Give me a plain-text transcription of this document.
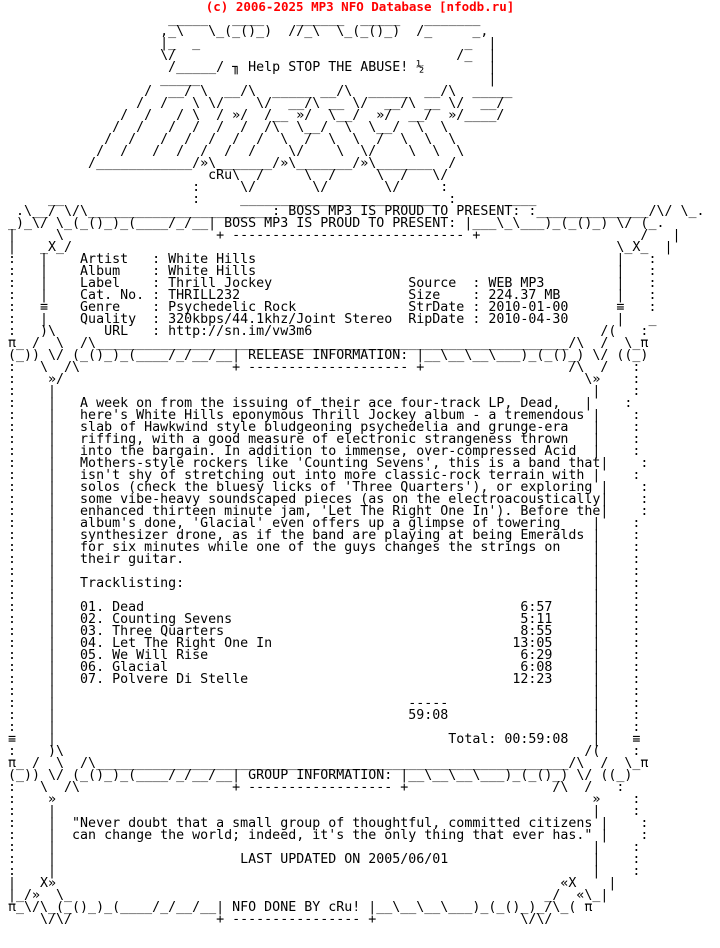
(c) 2006-2025 MP3 NFO Database [nfodb.ru]
_____   ____    ______  _____   _______
,_\   \_(_()_)  //_\  \_(_()_)  /_     _,
|_  _                                 _  |
\/                                   /_  |
/_____/ ╖ Help STOP THE ABUSE! ½        |
_____                                    |
/  __/ \  __/\  _____ __/\  _____  __/\  _____
/  /   \ \/    \/  __/\ __ \/  __/\ __ \/  __/
/  /   / \  / »/  /__ »/  \__/  »/  __/  »/____/
/  /   /  /  /  /  /\  \__/  \  \__/  \  \
/  /   /  /  /  /  /  \  /  \  \  /  \  \  \
/  /   /  /  /  /  /    \/    \  \/    \  \  \
/____________/»\_______/»\_______/»\_______  /
cRu\  /     \  /     \  /   \/
:     \/       \/       \/     :
__                :     _________________________ :      ____
.\__/ \/\_______________________: BOSS MP3 IS PROUD TO PRESENT: :______________/\/ \_.
_)_\/ \_(_()_)_(____/_/__| BOSS MP3 IS PROUD TO PRESENT: |___\_\___)_(_()_) \/ (_.
|     \                   + ----------------------------- +                    /   |
|   _X_/                                                                    \_X_  |
:   |    Artist   : White Hills                                             |   :
:   |    Album    : White Hills                                             |   :
:   |    Label    : Thrill Jockey                 Source  : WEB MP3         |   :
:   |    Cat. No. : THRILL232                     Size    : 224.37 MB       |   :
:   ≡    Genre    : Psychedelic Rock              StrDate : 2010-01-00      ≡   :
:   |    Quality  : 320kbps/44.1khz/Joint Stereo  RipDate : 2010-04-30      |   _
:   )\      URL   : http://sn.im/vw3m6                                    /(   :
π_ /  \  /\___________________________________________________________/\  /  \_π
(_)) \/ (_()_)_(____/_/__/__| RELEASE INFORMATION: |__\__\__\___)_(_()_) \/ ((_)
:   \  /\                   + -------------------- +                  /\  /   :
:    »/                                                                 \»    :
:    |                                                                   |    :
:    |   A week on from the issuing of their ace four-track LP, Dead,   |    :
:    |   here's White Hills eponymous Thrill Jockey album - a tremendous |    :
:    |   slab of Hawkwind style bludgeoning psychedelia and grunge-era   |    :
:    |   riffing, with a good measure of electronic strangeness thrown   |    :
:    |   into the bargain. In addition to immense, over-compressed Acid  |    :
:    |   Mothers-style rockers like 'Counting Sevens', this is a band that|    :
:    |   isn't shy of stretching out into more classic-rock terrain with |    :
:    |   solos (check the bluesy licks of 'Three Quarters'), or exploring |    :
:    |   some vibe-heavy soundscaped pieces (as on the electroacoustically|    :
:    |   enhanced thirteen minute jam, 'Let The Right One In'). Before the|    :
:    |   album's done, 'Glacial' even offers up a glimpse of towering    |    :
:    |   synthesizer drone, as if the band are playing at being Emeralds |    :
:    |   for six minutes while one of the guys changes the strings on    |    :
:    |   their guitar.                                                   |    :
:    |                                                                   |    :
:    |   Tracklisting:                                                   |    :
:    |                                                                   |    :
:    |   01. Dead                                               6:57     |    :
:    |   02. Counting Sevens                                    5:11     |    :
:    |   03. Three Quarters                                     8:55     |    :
:    |   04. Let The Right One In                              13:05     |    :
:    |   05. We Will Rise                                       6:29     |    :
:    |   06. Glacial                                            6:08     |    :
:    |   07. Polvere Di Stelle                                 12:23     |    :
:    |                                                                   |    :
:    |                                            -----                  |    :
:    |                                            59:08                  |    :
:    |                                                                   |    :
≡    |                                                 Total: 00:59:08   |    ≡
:    )\                                                                 /(    :
π_ /  \  /\___________________________________________________________/\  /  \_π
(_)) \/ (_()_)_(____/_/__/__| GROUP INFORMATION: |__\__\__\___)_(_()_) \/ ((_)
:   \  /\                   + ------------------ +                  /\  /   :
:    »                                                                   »    :
:    |                                                                   |    :
:    |  "Never doubt that a small group of thoughtful, committed citizens |    :
:    |  can change the world; indeed, it's the only thing that ever has." |    :
:    |                                                                   |    :
:    |                       LAST UPDATED ON 2005/06/01                  |    :
:    |                                                                   |    :
|   X»                                                               «X    |
|_/»  \_                                                           _/  «\_|
π_\/\_(_()_)_(____/_/__/__| NFO DONE BY cRu! |__\__\__\___)_(_()_)_/\_( π
\/\/                  + ---------------- +                  \/\/
